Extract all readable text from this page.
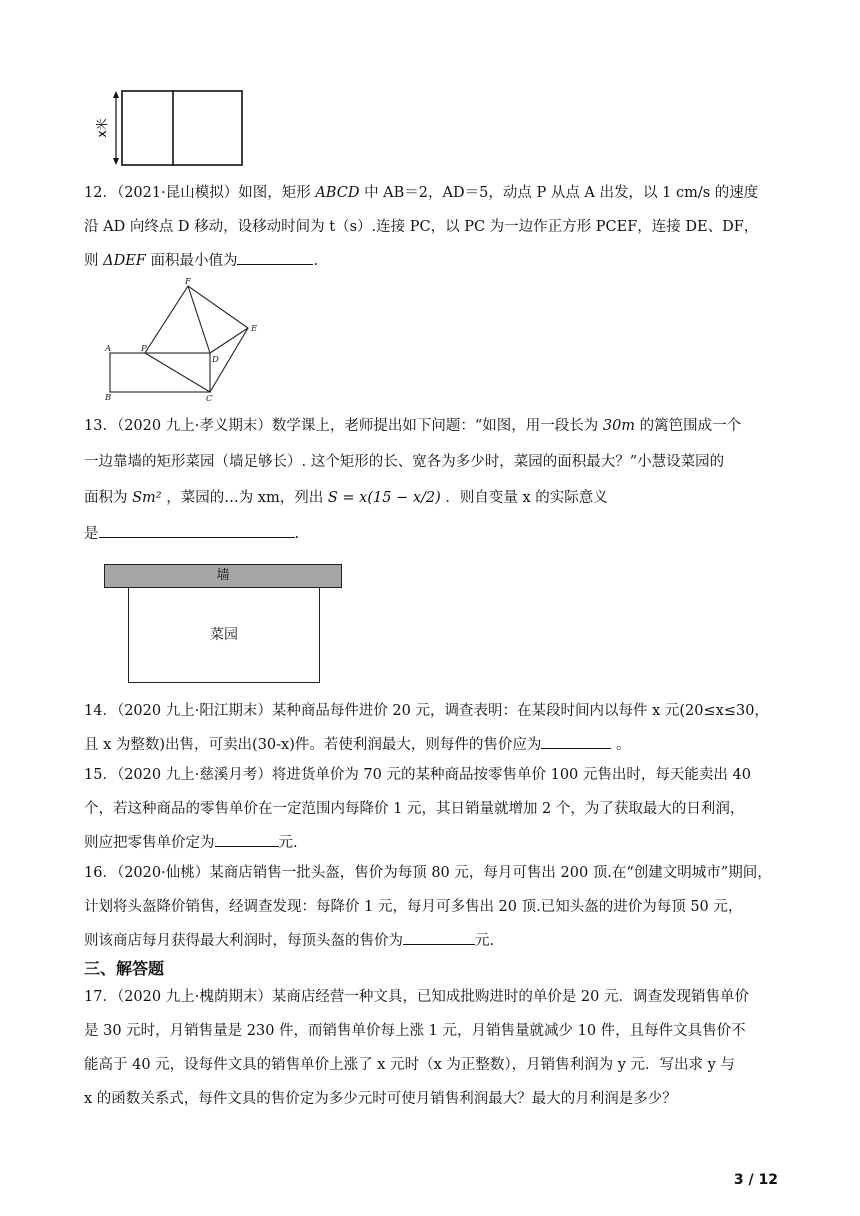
x米
12．（2021·昆山模拟）如图，矩形 ABCD 中 AB＝2，AD＝5，动点 P 从点 A 出发，以 1 cm/s 的速度
沿 AD 向终点 D 移动，设移动时间为 t（s）.连接 PC，以 PC 为一边作正方形 PCEF，连接 DE、DF，
则 ΔDEF 面积最小值为	.
F
E
A	P
D
B	C
13．（2020 九上·孝义期末）数学课上，老师提出如下问题：“如图，用一段长为 30m 的篱笆围成一个
一边靠墙的矩形菜园（墙足够长）. 这个矩形的长、宽各为多少时，菜园的面积最大？”小慧设菜园的
面积为 Sm² ，菜园的…为 xm，列出 S = x(15 − x/2) ．则自变量 x 的实际意义
是	.
墙
菜园
14．（2020 九上·阳江期末）某种商品每件进价 20 元，调查表明：在某段时间内以每件 x 元(20≤x≤30，
且 x 为整数)出售，可卖出(30-x)件。若使利润最大，则每件的售价应为	。
15．（2020 九上·慈溪月考）将进货单价为 70 元的某种商品按零售单价 100 元售出时，每天能卖出 40
个，若这种商品的零售单价在一定范围内每降价 1 元，其日销量就增加 2 个，为了获取最大的日利润，
则应把零售单价定为	元.
16．（2020·仙桃）某商店销售一批头盔，售价为每顶 80 元，每月可售出 200 顶.在“创建文明城市”期间，
计划将头盔降价销售，经调查发现：每降价 1 元，每月可多售出 20 顶.已知头盔的进价为每顶 50 元，
则该商店每月获得最大利润时，每顶头盔的售价为	元.
三、解答题
17．（2020 九上·槐荫期末）某商店经营一种文具，已知成批购进时的单价是 20 元．调查发现销售单价
是 30 元时，月销售量是 230 件，而销售单价每上涨 1 元，月销售量就减少 10 件，且每件文具售价不
能高于 40 元，设每件文具的销售单价上涨了 x 元时（x 为正整数），月销售利润为 y 元．写出求 y 与
x 的函数关系式，每件文具的售价定为多少元时可使月销售利润最大？最大的月利润是多少？
3 / 12
